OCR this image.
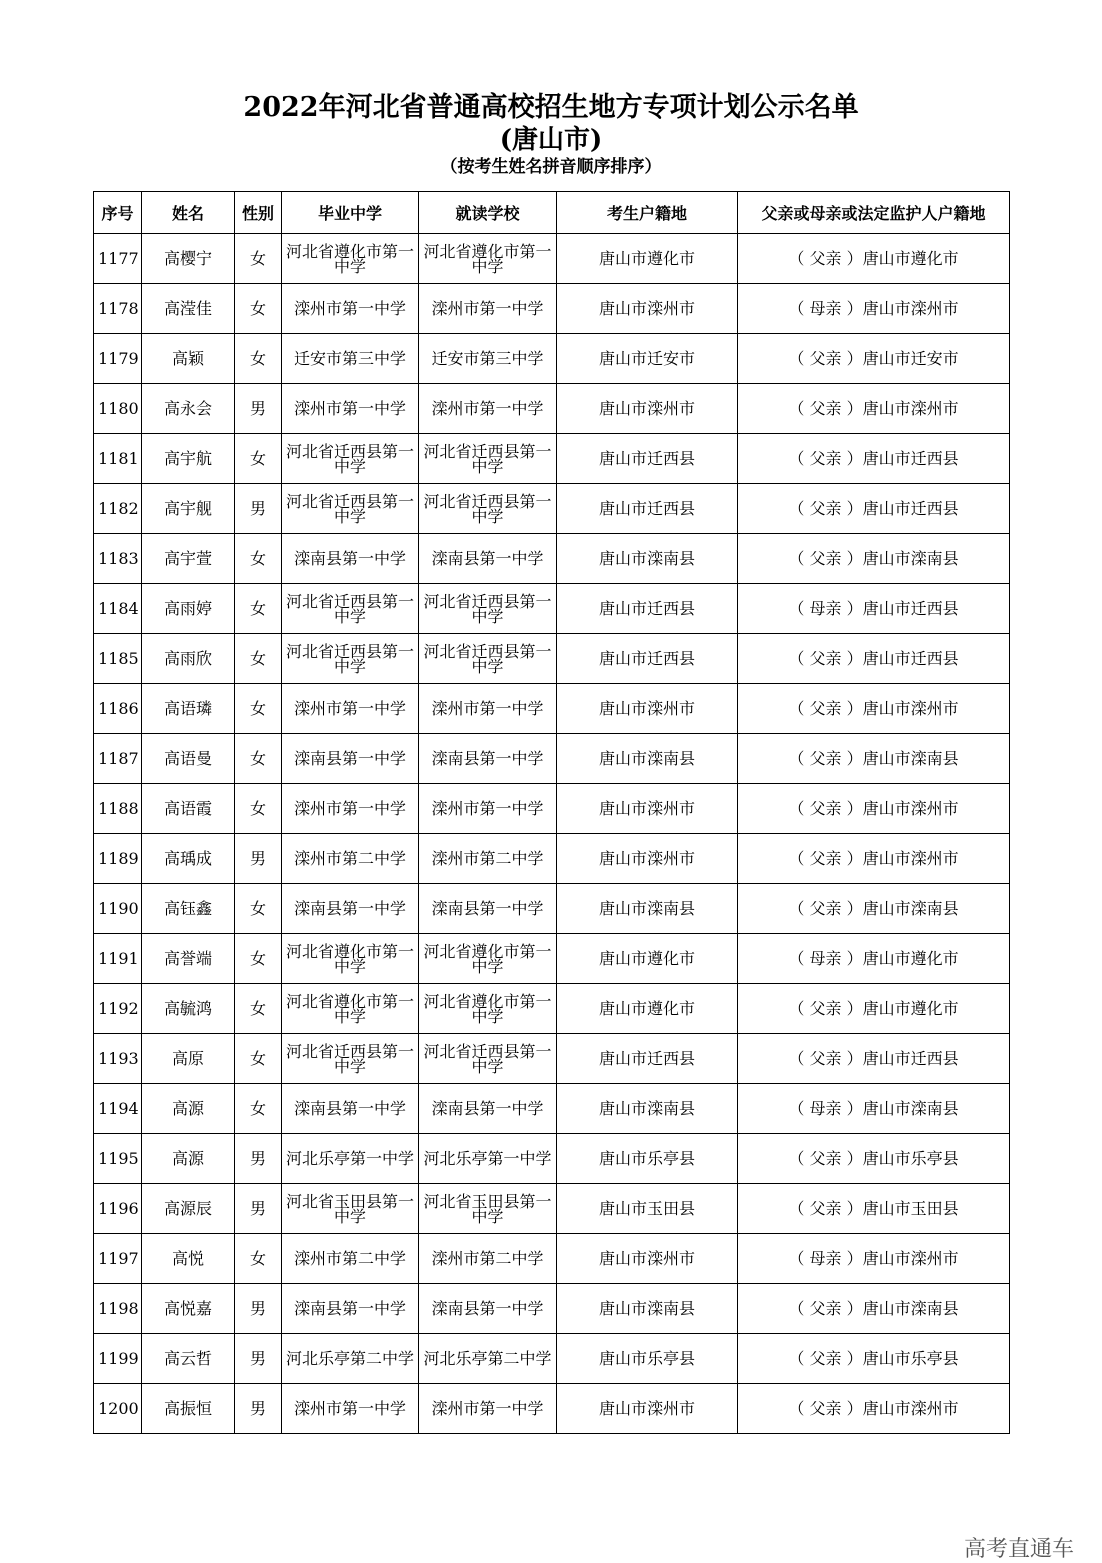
2022年河北省普通高校招生地方专项计划公示名单
(唐山市)
（按考生姓名拼音顺序排序）
序号	姓名	性别	毕业中学	就读学校	考生户籍地	父亲或母亲或法定监护人户籍地
1177	高樱宁	女	河北省遵化市第一中学	河北省遵化市第一中学	唐山市遵化市	（ 父亲 ）唐山市遵化市
1178	高滢佳	女	滦州市第一中学	滦州市第一中学	唐山市滦州市	（ 母亲 ）唐山市滦州市
1179	高颖	女	迁安市第三中学	迁安市第三中学	唐山市迁安市	（ 父亲 ）唐山市迁安市
1180	高永会	男	滦州市第一中学	滦州市第一中学	唐山市滦州市	（ 父亲 ）唐山市滦州市
1181	高宇航	女	河北省迁西县第一中学	河北省迁西县第一中学	唐山市迁西县	（ 父亲 ）唐山市迁西县
1182	高宇舰	男	河北省迁西县第一中学	河北省迁西县第一中学	唐山市迁西县	（ 父亲 ）唐山市迁西县
1183	高宇萱	女	滦南县第一中学	滦南县第一中学	唐山市滦南县	（ 父亲 ）唐山市滦南县
1184	高雨婷	女	河北省迁西县第一中学	河北省迁西县第一中学	唐山市迁西县	（ 母亲 ）唐山市迁西县
1185	高雨欣	女	河北省迁西县第一中学	河北省迁西县第一中学	唐山市迁西县	（ 父亲 ）唐山市迁西县
1186	高语璘	女	滦州市第一中学	滦州市第一中学	唐山市滦州市	（ 父亲 ）唐山市滦州市
1187	高语曼	女	滦南县第一中学	滦南县第一中学	唐山市滦南县	（ 父亲 ）唐山市滦南县
1188	高语霞	女	滦州市第一中学	滦州市第一中学	唐山市滦州市	（ 父亲 ）唐山市滦州市
1189	高瑀成	男	滦州市第二中学	滦州市第二中学	唐山市滦州市	（ 父亲 ）唐山市滦州市
1190	高钰鑫	女	滦南县第一中学	滦南县第一中学	唐山市滦南县	（ 父亲 ）唐山市滦南县
1191	高誉端	女	河北省遵化市第一中学	河北省遵化市第一中学	唐山市遵化市	（ 母亲 ）唐山市遵化市
1192	高毓鸿	女	河北省遵化市第一中学	河北省遵化市第一中学	唐山市遵化市	（ 父亲 ）唐山市遵化市
1193	高原	女	河北省迁西县第一中学	河北省迁西县第一中学	唐山市迁西县	（ 父亲 ）唐山市迁西县
1194	高源	女	滦南县第一中学	滦南县第一中学	唐山市滦南县	（ 母亲 ）唐山市滦南县
1195	高源	男	河北乐亭第一中学	河北乐亭第一中学	唐山市乐亭县	（ 父亲 ）唐山市乐亭县
1196	高源辰	男	河北省玉田县第一中学	河北省玉田县第一中学	唐山市玉田县	（ 父亲 ）唐山市玉田县
1197	高悦	女	滦州市第二中学	滦州市第二中学	唐山市滦州市	（ 母亲 ）唐山市滦州市
1198	高悦嘉	男	滦南县第一中学	滦南县第一中学	唐山市滦南县	（ 父亲 ）唐山市滦南县
1199	高云哲	男	河北乐亭第二中学	河北乐亭第二中学	唐山市乐亭县	（ 父亲 ）唐山市乐亭县
1200	高振恒	男	滦州市第一中学	滦州市第一中学	唐山市滦州市	（ 父亲 ）唐山市滦州市
高考直通车
